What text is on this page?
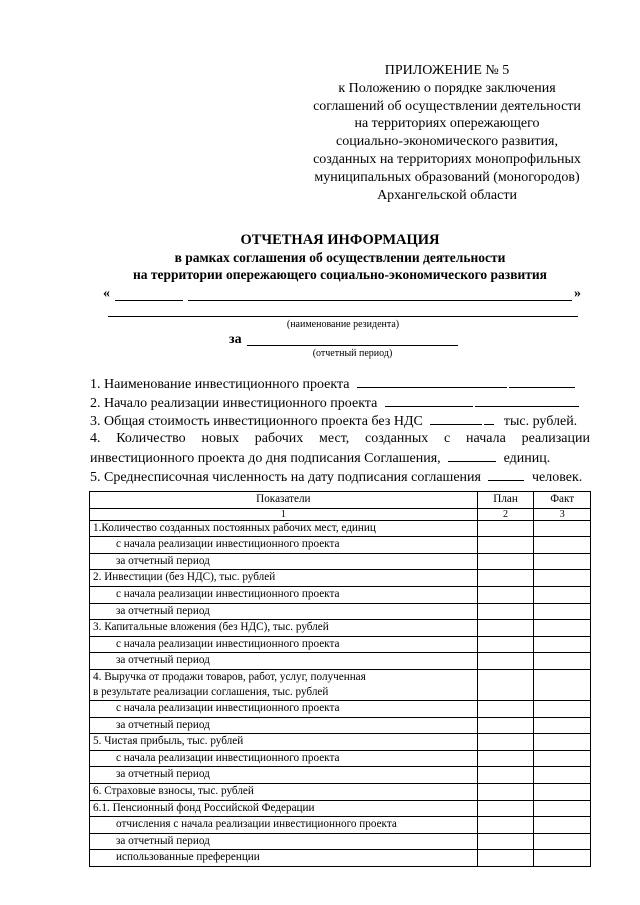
ПРИЛОЖЕНИЕ № 5
к Положению о порядке заключения
соглашений об осуществлении деятельности
на территориях опережающего
социально-экономического развития,
созданных на территориях монопрофильных
муниципальных образований (моногородов)
Архангельской области
ОТЧЕТНАЯ ИНФОРМАЦИЯ
в рамках соглашения об осуществлении деятельности
на территории опережающего социально-экономического развития
«	»
(наименование резидента)
за
(отчетный период)
1. Наименование инвестиционного проекта
2. Начало реализации инвестиционного проекта
3. Общая стоимость инвестиционного проекта без НДС	тыс. рублей.
4. Количество новых рабочих мест, созданных с начала реализации
инвестиционного проекта до дня подписания Соглашения,	единиц.
5. Среднесписочная численность на дату подписания соглашения	человек.
Показатели	План	Факт
1	2	3
1.Количество созданных постоянных рабочих мест, единиц		
с начала реализации инвестиционного проекта		
за отчетный период		
2. Инвестиции (без НДС), тыс. рублей		
с начала реализации инвестиционного проекта		
за отчетный период		
3. Капитальные вложения (без НДС), тыс. рублей		
с начала реализации инвестиционного проекта		
за отчетный период		

4. Выручка от продажи товаров, работ, услуг, полученная
в результате реализации соглашения, тыс. рублей		

с начала реализации инвестиционного проекта		
за отчетный период		
5. Чистая прибыль, тыс. рублей		
с начала реализации инвестиционного проекта		
за отчетный период		
6. Страховые взносы, тыс. рублей		
6.1. Пенсионный фонд Российской Федерации		
отчисления с начала реализации инвестиционного проекта		
за отчетный период		
использованные преференции		
